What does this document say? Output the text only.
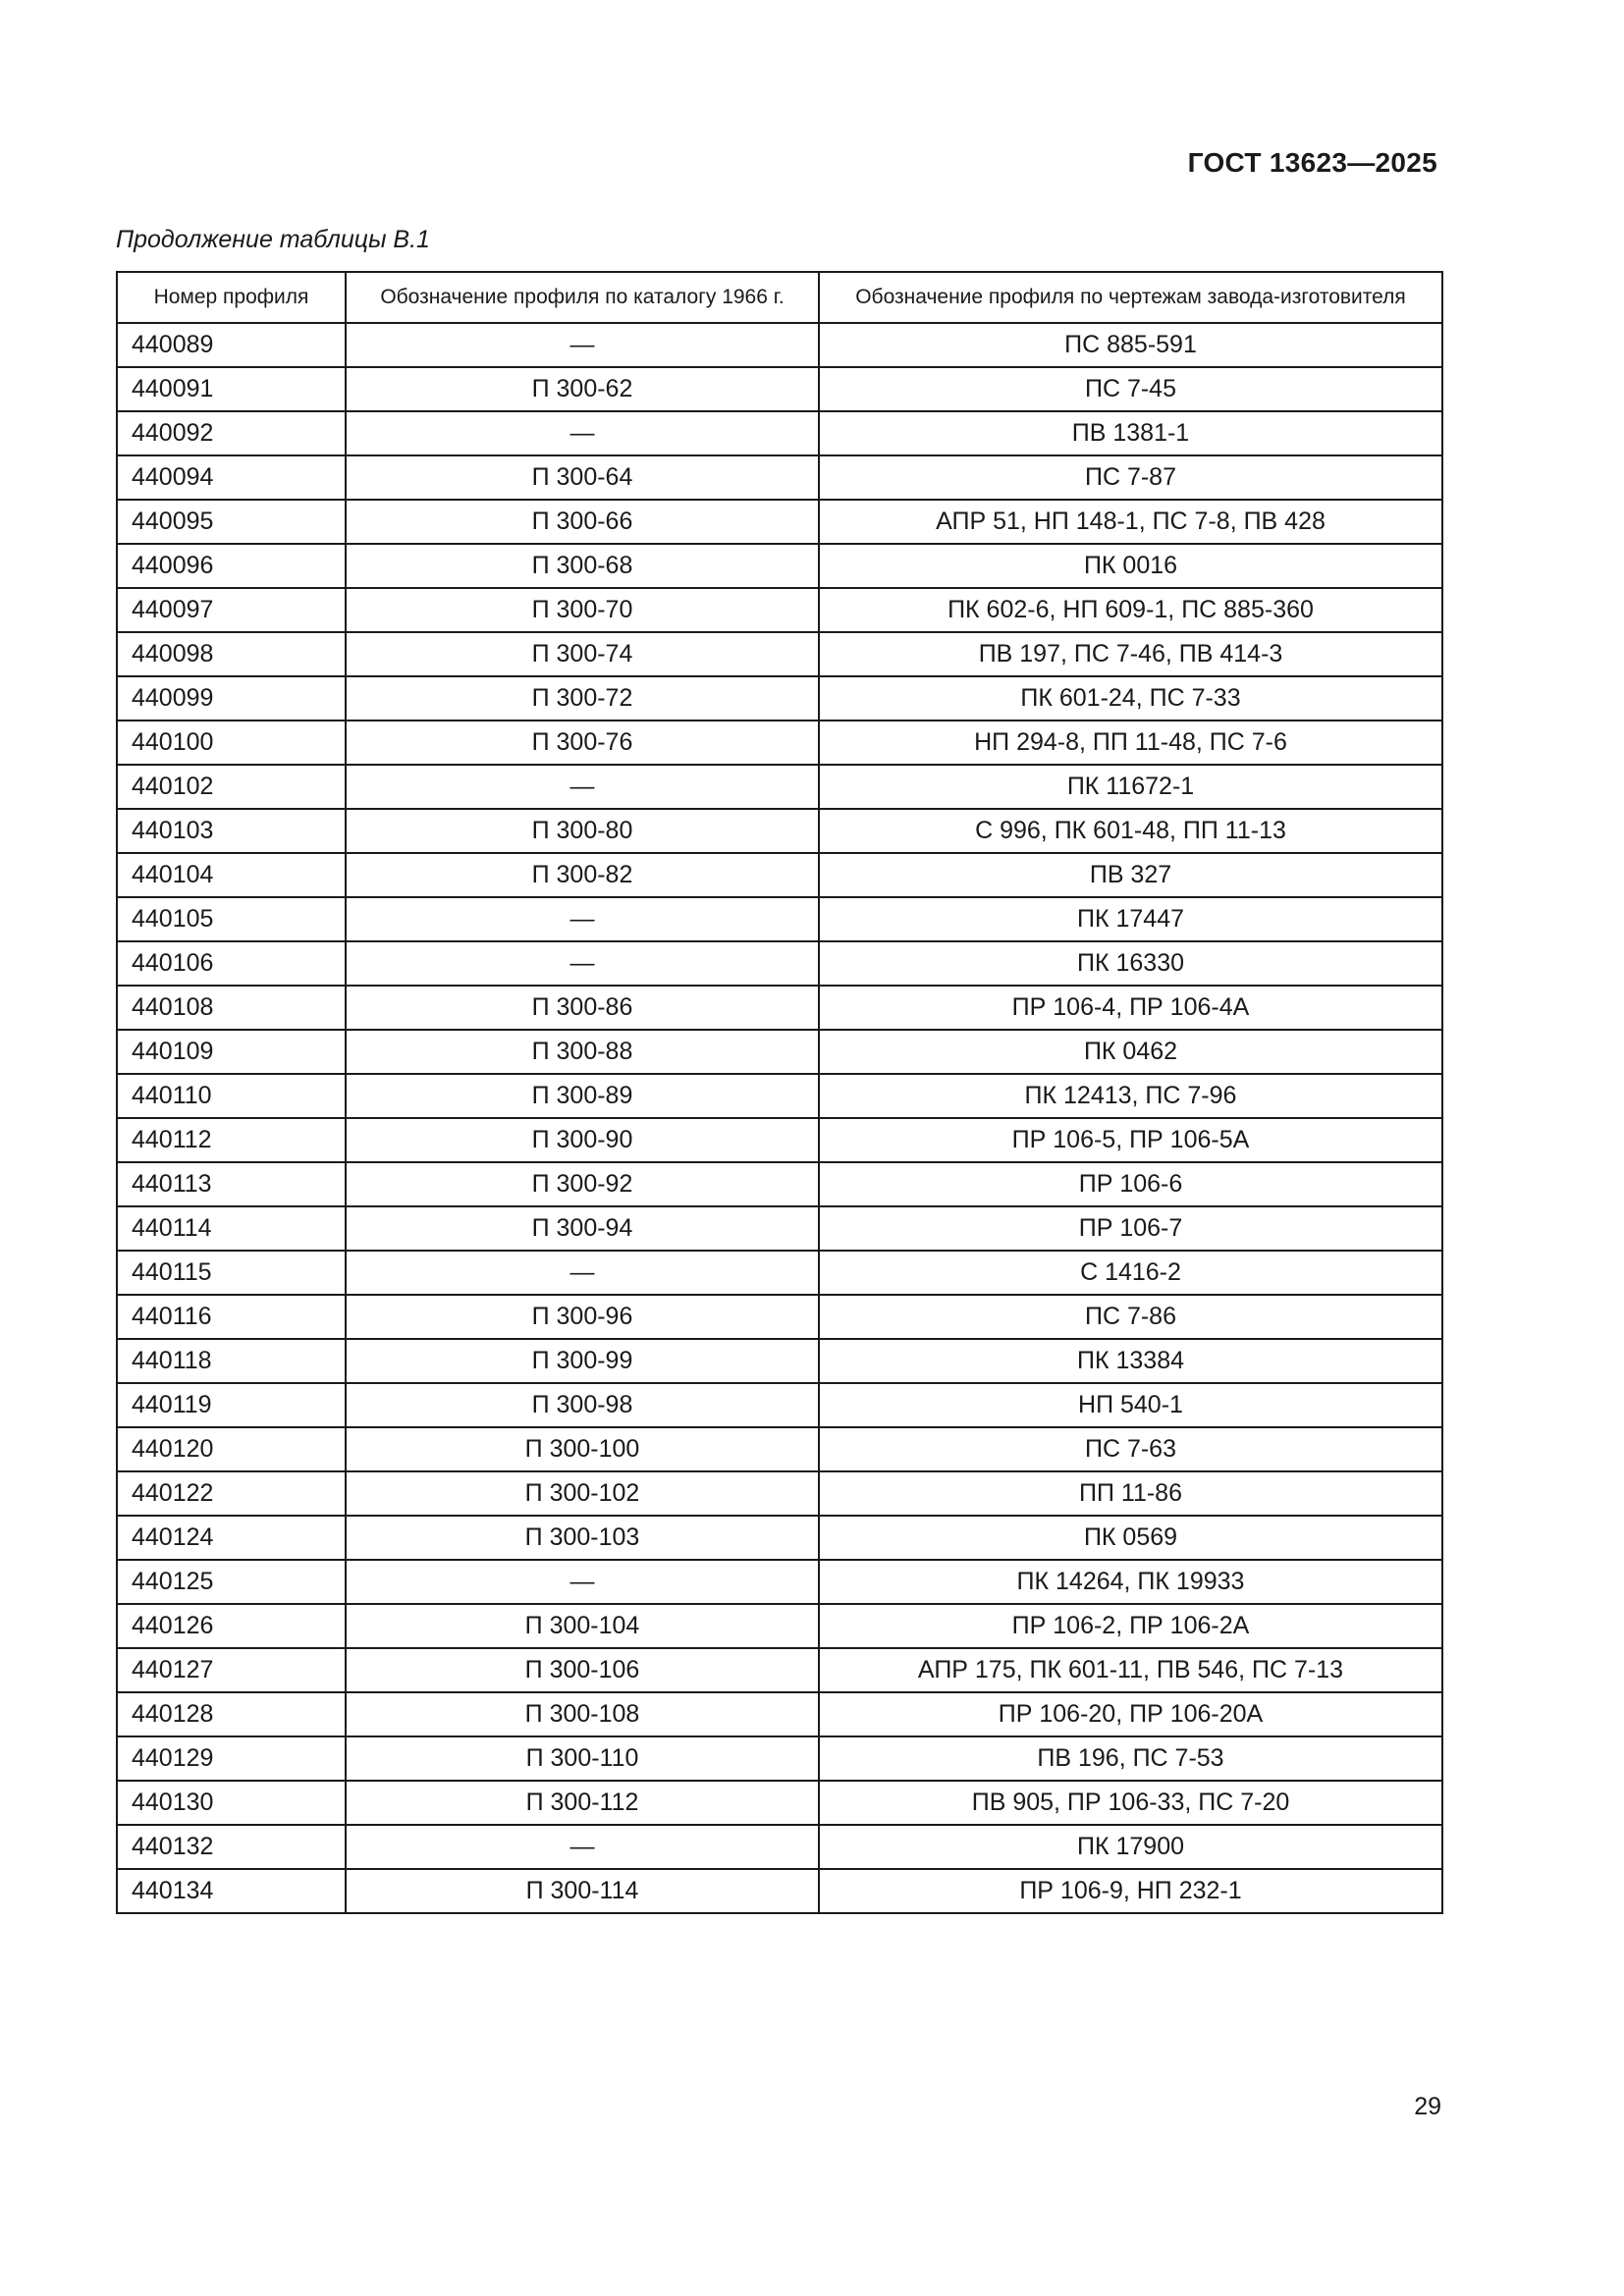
ГОСТ 13623—2025
Продолжение таблицы В.1
Номер профиля	Обозначение профиля по каталогу 1966 г.	Обозначение профиля по чертежам завода-изготовителя
440089	—	ПС 885-591
440091	П 300-62	ПС 7-45
440092	—	ПВ 1381-1
440094	П 300-64	ПС 7-87
440095	П 300-66	АПР 51, НП 148-1, ПС 7-8, ПВ 428
440096	П 300-68	ПК 0016
440097	П 300-70	ПК 602-6, НП 609-1, ПС 885-360
440098	П 300-74	ПВ 197, ПС 7-46, ПВ 414-3
440099	П 300-72	ПК 601-24, ПС 7-33
440100	П 300-76	НП 294-8, ПП 11-48, ПС 7-6
440102	—	ПК 11672-1
440103	П 300-80	С 996, ПК 601-48, ПП 11-13
440104	П 300-82	ПВ 327
440105	—	ПК 17447
440106	—	ПК 16330
440108	П 300-86	ПР 106-4, ПР 106-4А
440109	П 300-88	ПК 0462
440110	П 300-89	ПК 12413, ПС 7-96
440112	П 300-90	ПР 106-5, ПР 106-5А
440113	П 300-92	ПР 106-6
440114	П 300-94	ПР 106-7
440115	—	С 1416-2
440116	П 300-96	ПС 7-86
440118	П 300-99	ПК 13384
440119	П 300-98	НП 540-1
440120	П 300-100	ПС 7-63
440122	П 300-102	ПП 11-86
440124	П 300-103	ПК 0569
440125	—	ПК 14264, ПК 19933
440126	П 300-104	ПР 106-2, ПР 106-2А
440127	П 300-106	АПР 175, ПК 601-11, ПВ 546, ПС 7-13
440128	П 300-108	ПР 106-20, ПР 106-20А
440129	П 300-110	ПВ 196, ПС 7-53
440130	П 300-112	ПВ 905, ПР 106-33, ПС 7-20
440132	—	ПК 17900
440134	П 300-114	ПР 106-9, НП 232-1
29
